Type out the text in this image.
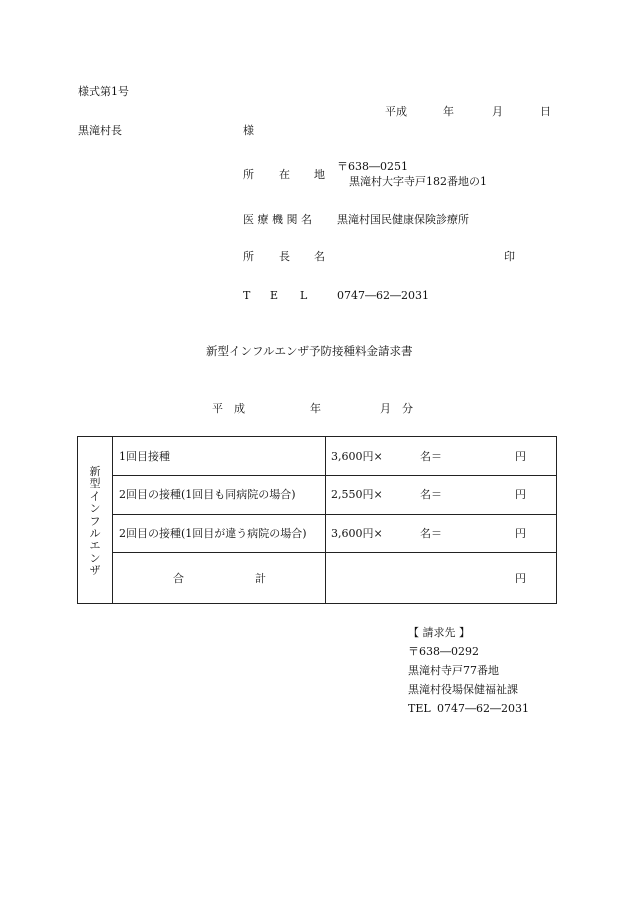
様式第1号
平成	年	月	日
黒滝村長	様
所 在 地
〒638―0251
黒滝村大字寺戸182番地の1
医 療 機 関 名 黒滝村国民健康保険診療所
所 長 名	印
T E L	0747―62―2031
新型インフルエンザ予防接種料金請求書
平　成	年	月 分
新
型
イ
ン
フ
ル
エ
ン
ザ
1回目接種	3,600円×	名＝	円
2回目の接種(1回目も同病院の場合)	2,550円×	名＝	円
2回目の接種(1回目が違う病院の場合) 3,600円×	名＝	円
合	計	円
【 請求先 】
〒638―0292
黒滝村寺戸77番地
黒滝村役場保健福祉課
TEL 0747―62―2031
